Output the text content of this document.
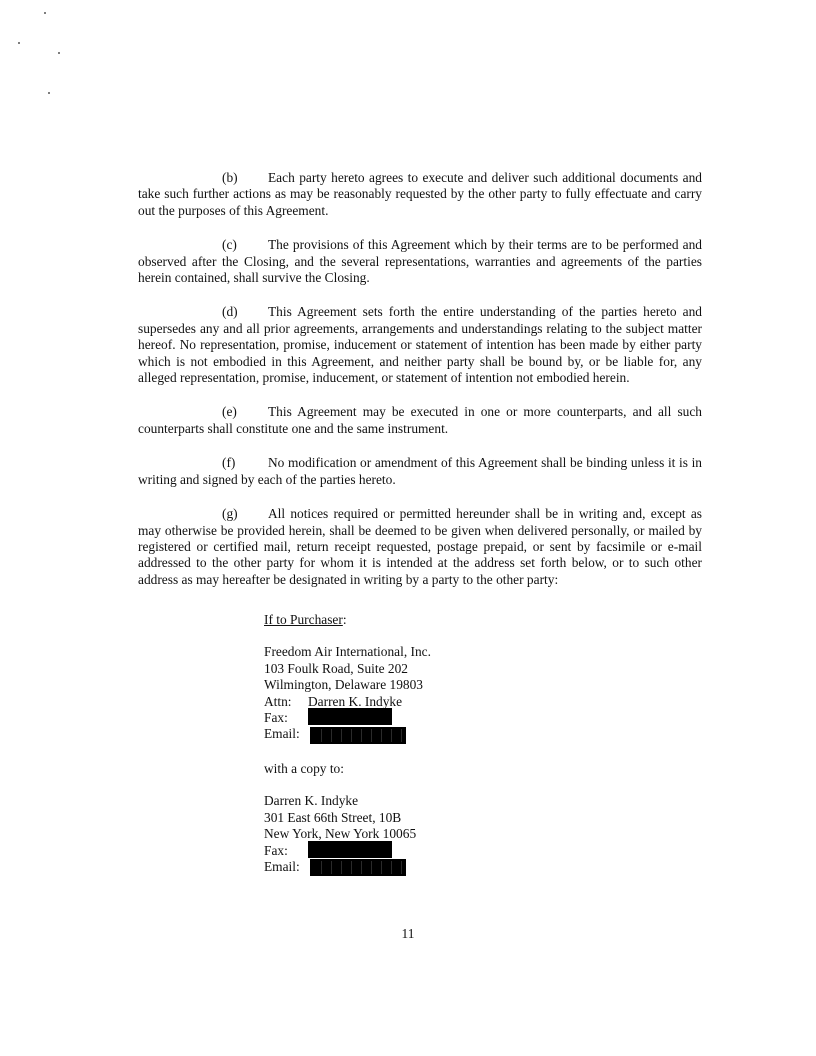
(b) Each party hereto agrees to execute and deliver such additional documents and take such further actions as may be reasonably requested by the other party to fully effectuate and carry out the purposes of this Agreement.

(c) The provisions of this Agreement which by their terms are to be performed and observed after the Closing, and the several representations, warranties and agreements of the parties herein contained, shall survive the Closing.

(d) This Agreement sets forth the entire understanding of the parties hereto and supersedes any and all prior agreements, arrangements and understandings relating to the subject matter hereof. No representation, promise, inducement or statement of intention has been made by either party which is not embodied in this Agreement, and neither party shall be bound by, or be liable for, any alleged representation, promise, inducement, or statement of intention not embodied herein.

(e) This Agreement may be executed in one or more counterparts, and all such counterparts shall constitute one and the same instrument.

(f) No modification or amendment of this Agreement shall be binding unless it is in writing and signed by each of the parties hereto.

(g) All notices required or permitted hereunder shall be in writing and, except as may otherwise be provided herein, shall be deemed to be given when delivered personally, or mailed by registered or certified mail, return receipt requested, postage prepaid, or sent by facsimile or e-mail addressed to the other party for whom it is intended at the address set forth below, or to such other address as may hereafter be designated in writing by a party to the other party:

If to Purchaser:
Freedom Air International, Inc.
103 Foulk Road, Suite 202
Wilmington, Delaware 19803
Attn: Darren K. Indyke
Fax:
Email:
with a copy to:
Darren K. Indyke
301 East 66th Street, 10B
New York, New York 10065
Fax:
Email:
11
